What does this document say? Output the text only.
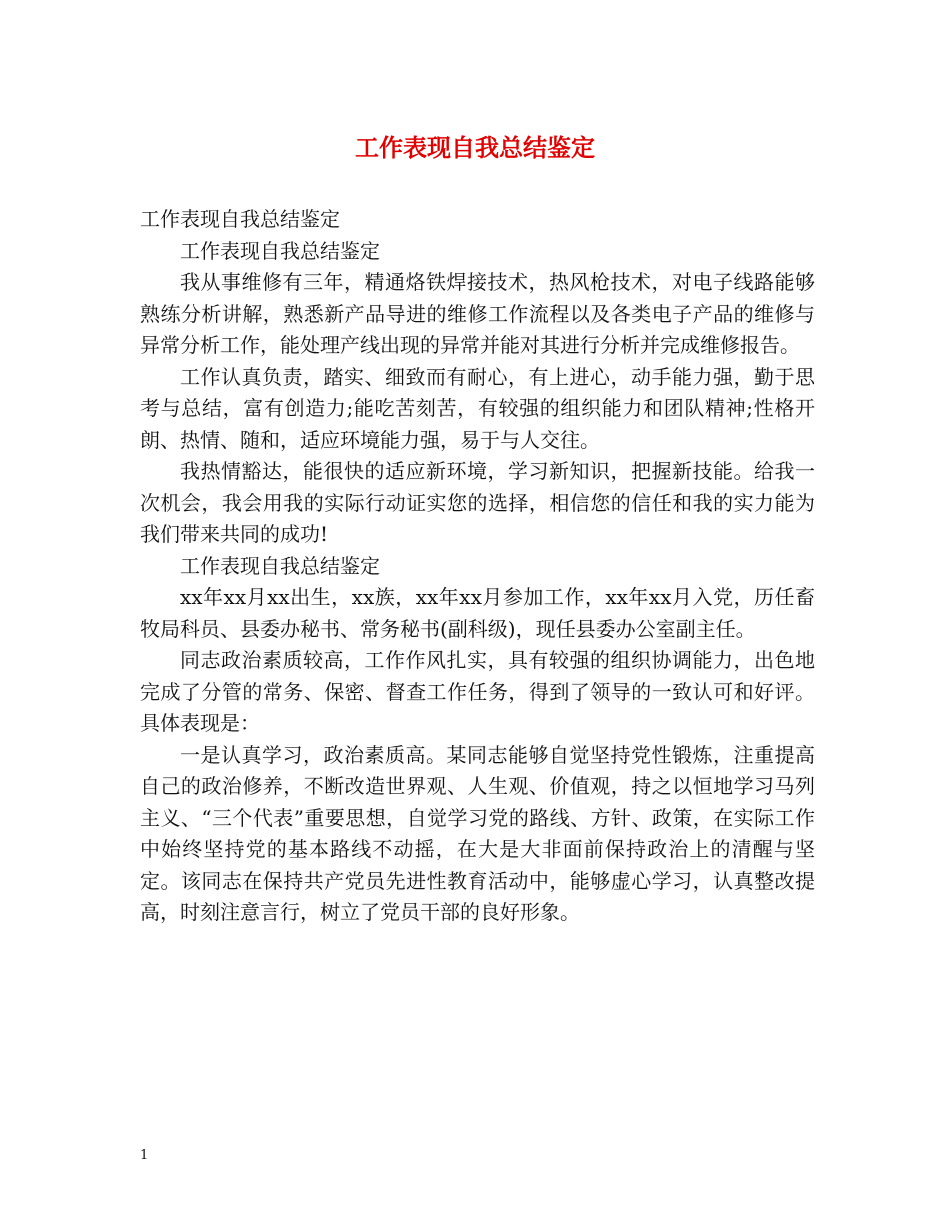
工作表现自我总结鉴定

工作表现自我总结鉴定

工作表现自我总结鉴定

我从事维修有三年，精通烙铁焊接技术，热风枪技术，对电子线路能够熟练分析讲解，熟悉新产品导进的维修工作流程以及各类电子产品的维修与异常分析工作，能处理产线出现的异常并能对其进行分析并完成维修报告。

工作认真负责，踏实、细致而有耐心，有上进心，动手能力强，勤于思考与总结，富有创造力;能吃苦刻苦，有较强的组织能力和团队精神;性格开朗、热情、随和，适应环境能力强，易于与人交往。

我热情豁达，能很快的适应新环境，学习新知识，把握新技能。给我一次机会，我会用我的实际行动证实您的选择，相信您的信任和我的实力能为我们带来共同的成功!

工作表现自我总结鉴定

xx年xx月xx出生，xx族，xx年xx月参加工作，xx年xx月入党，历任畜牧局科员、县委办秘书、常务秘书(副科级)，现任县委办公室副主任。

同志政治素质较高，工作作风扎实，具有较强的组织协调能力，出色地完成了分管的常务、保密、督查工作任务，得到了领导的一致认可和好评。具体表现是：

一是认真学习，政治素质高。某同志能够自觉坚持党性锻炼，注重提高自己的政治修养，不断改造世界观、人生观、价值观，持之以恒地学习马列主义、“三个代表”重要思想，自觉学习党的路线、方针、政策，在实际工作中始终坚持党的基本路线不动摇，在大是大非面前保持政治上的清醒与坚定。该同志在保持共产党员先进性教育活动中，能够虚心学习，认真整改提高，时刻注意言行，树立了党员干部的良好形象。

1
